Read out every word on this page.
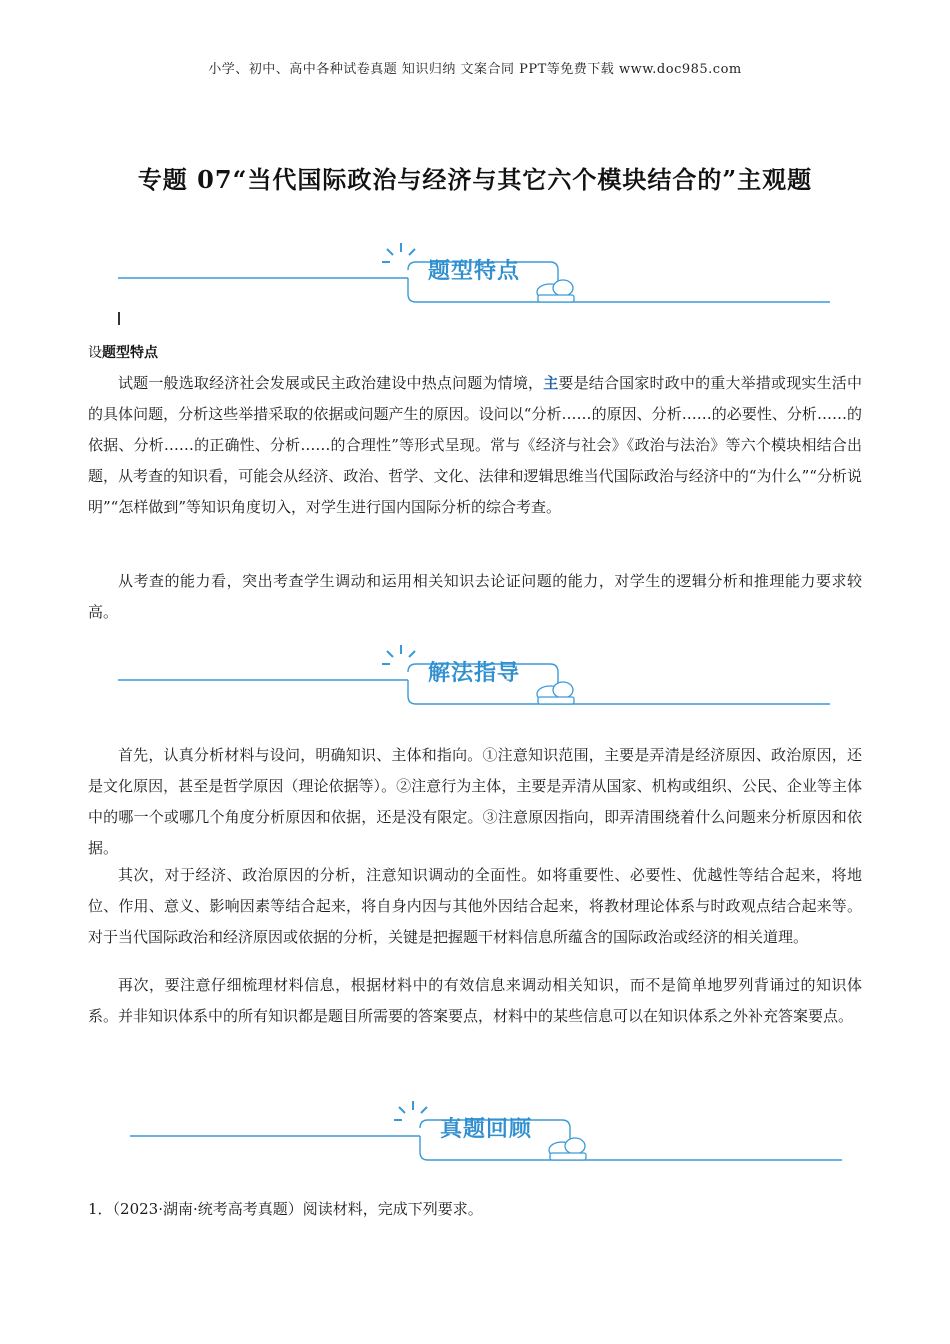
小学、初中、高中各种试卷真题 知识归纳 文案合同 PPT等免费下载 www.doc985.com
专题 07“当代国际政治与经济与其它六个模块结合的”主观题
题型特点
设题型特点

试题一般选取经济社会发展或民主政治建设中热点问题为情境，主要是结合国家时政中的重大举措或现实生活中的具体问题，分析这些举措采取的依据或问题产生的原因。设问以“分析……的原因、分析……的必要性、分析……的依据、分析……的正确性、分析……的合理性”等形式呈现。常与《经济与社会》《政治与法治》等六个模块相结合出题，从考查的知识看，可能会从经济、政治、哲学、文化、法律和逻辑思维当代国际政治与经济中的“为什么”“分析说明”“怎样做到”等知识角度切入，对学生进行国内国际分析的综合考查。

从考查的能力看，突出考查学生调动和运用相关知识去论证问题的能力，对学生的逻辑分析和推理能力要求较高。

解法指导

首先，认真分析材料与设问，明确知识、主体和指向。①注意知识范围，主要是弄清是经济原因、政治原因，还是文化原因，甚至是哲学原因（理论依据等）。②注意行为主体，主要是弄清从国家、机构或组织、公民、企业等主体中的哪一个或哪几个角度分析原因和依据，还是没有限定。③注意原因指向，即弄清围绕着什么问题来分析原因和依据。

其次，对于经济、政治原因的分析，注意知识调动的全面性。如将重要性、必要性、优越性等结合起来，将地位、作用、意义、影响因素等结合起来，将自身内因与其他外因结合起来，将教材理论体系与时政观点结合起来等。对于当代国际政治和经济原因或依据的分析，关键是把握题干材料信息所蕴含的国际政治或经济的相关道理。

再次，要注意仔细梳理材料信息，根据材料中的有效信息来调动相关知识，而不是简单地罗列背诵过的知识体系。并非知识体系中的所有知识都是题目所需要的答案要点，材料中的某些信息可以在知识体系之外补充答案要点。

真题回顾
1．（2023·湖南·统考高考真题）阅读材料，完成下列要求。
